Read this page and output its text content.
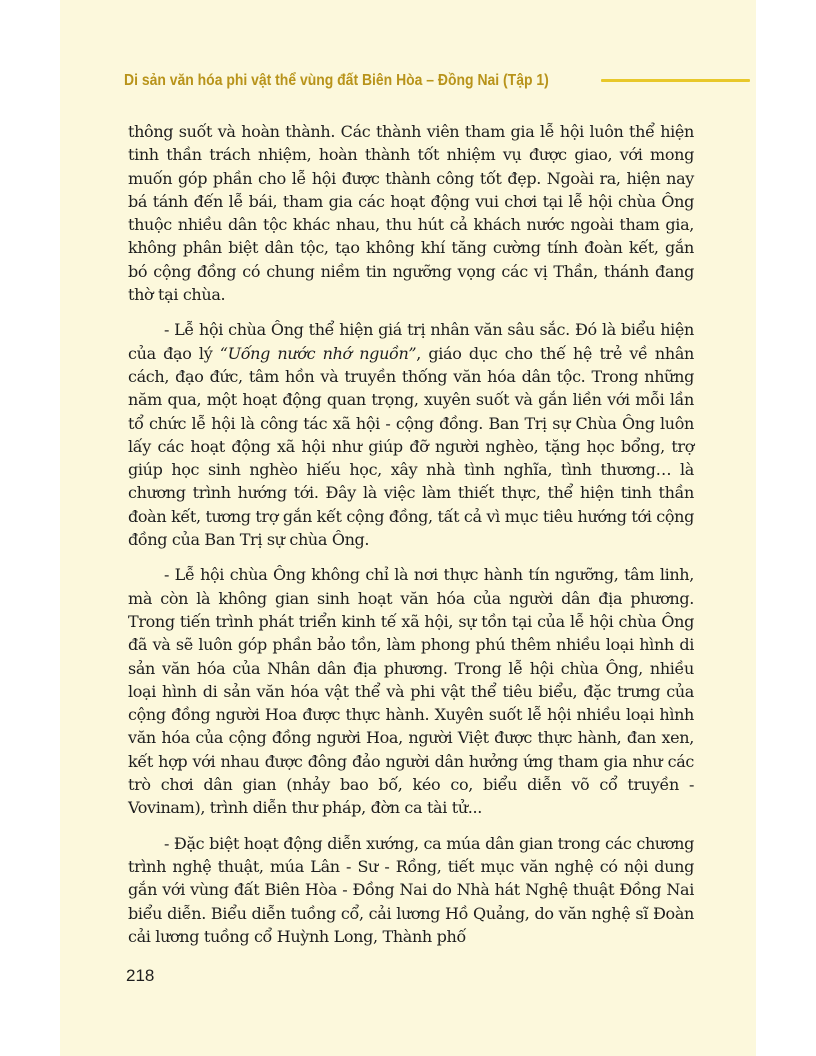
Di sản văn hóa phi vật thể vùng đất Biên Hòa – Đồng Nai (Tập 1)

thông suốt và hoàn thành. Các thành viên tham gia lễ hội luôn thể hiện tinh thần trách nhiệm, hoàn thành tốt nhiệm vụ được giao, với mong muốn góp phần cho lễ hội được thành công tốt đẹp. Ngoài ra, hiện nay bá tánh đến lễ bái, tham gia các hoạt động vui chơi tại lễ hội chùa Ông thuộc nhiều dân tộc khác nhau, thu hút cả khách nước ngoài tham gia, không phân biệt dân tộc, tạo không khí tăng cường tính đoàn kết, gắn bó cộng đồng có chung niềm tin ngưỡng vọng các vị Thần, thánh đang thờ tại chùa.

- Lễ hội chùa Ông thể hiện giá trị nhân văn sâu sắc. Đó là biểu hiện của đạo lý “Uống nước nhớ nguồn”, giáo dục cho thế hệ trẻ về nhân cách, đạo đức, tâm hồn và truyền thống văn hóa dân tộc. Trong những năm qua, một hoạt động quan trọng, xuyên suốt và gắn liền với mỗi lần tổ chức lễ hội là công tác xã hội - cộng đồng. Ban Trị sự Chùa Ông luôn lấy các hoạt động xã hội như giúp đỡ người nghèo, tặng học bổng, trợ giúp học sinh nghèo hiếu học, xây nhà tình nghĩa, tình thương… là chương trình hướng tới. Đây là việc làm thiết thực, thể hiện tinh thần đoàn kết, tương trợ gắn kết cộng đồng, tất cả vì mục tiêu hướng tới cộng đồng của Ban Trị sự chùa Ông.

- Lễ hội chùa Ông không chỉ là nơi thực hành tín ngưỡng, tâm linh, mà còn là không gian sinh hoạt văn hóa của người dân địa phương. Trong tiến trình phát triển kinh tế xã hội, sự tồn tại của lễ hội chùa Ông đã và sẽ luôn góp phần bảo tồn, làm phong phú thêm nhiều loại hình di sản văn hóa của Nhân dân địa phương. Trong lễ hội chùa Ông, nhiều loại hình di sản văn hóa vật thể và phi vật thể tiêu biểu, đặc trưng của cộng đồng người Hoa được thực hành. Xuyên suốt lễ hội nhiều loại hình văn hóa của cộng đồng người Hoa, người Việt được thực hành, đan xen, kết hợp với nhau được đông đảo người dân hưởng ứng tham gia như các trò chơi dân gian (nhảy bao bố, kéo co, biểu diễn võ cổ truyền - Vovinam), trình diễn thư pháp, đờn ca tài tử...

- Đặc biệt hoạt động diễn xướng, ca múa dân gian trong các chương trình nghệ thuật, múa Lân - Sư - Rồng, tiết mục văn nghệ có nội dung gắn với vùng đất Biên Hòa - Đồng Nai do Nhà hát Nghệ thuật Đồng Nai biểu diễn. Biểu diễn tuồng cổ, cải lương Hồ Quảng, do văn nghệ sĩ Đoàn cải lương tuồng cổ Huỳnh Long, Thành phố

218
